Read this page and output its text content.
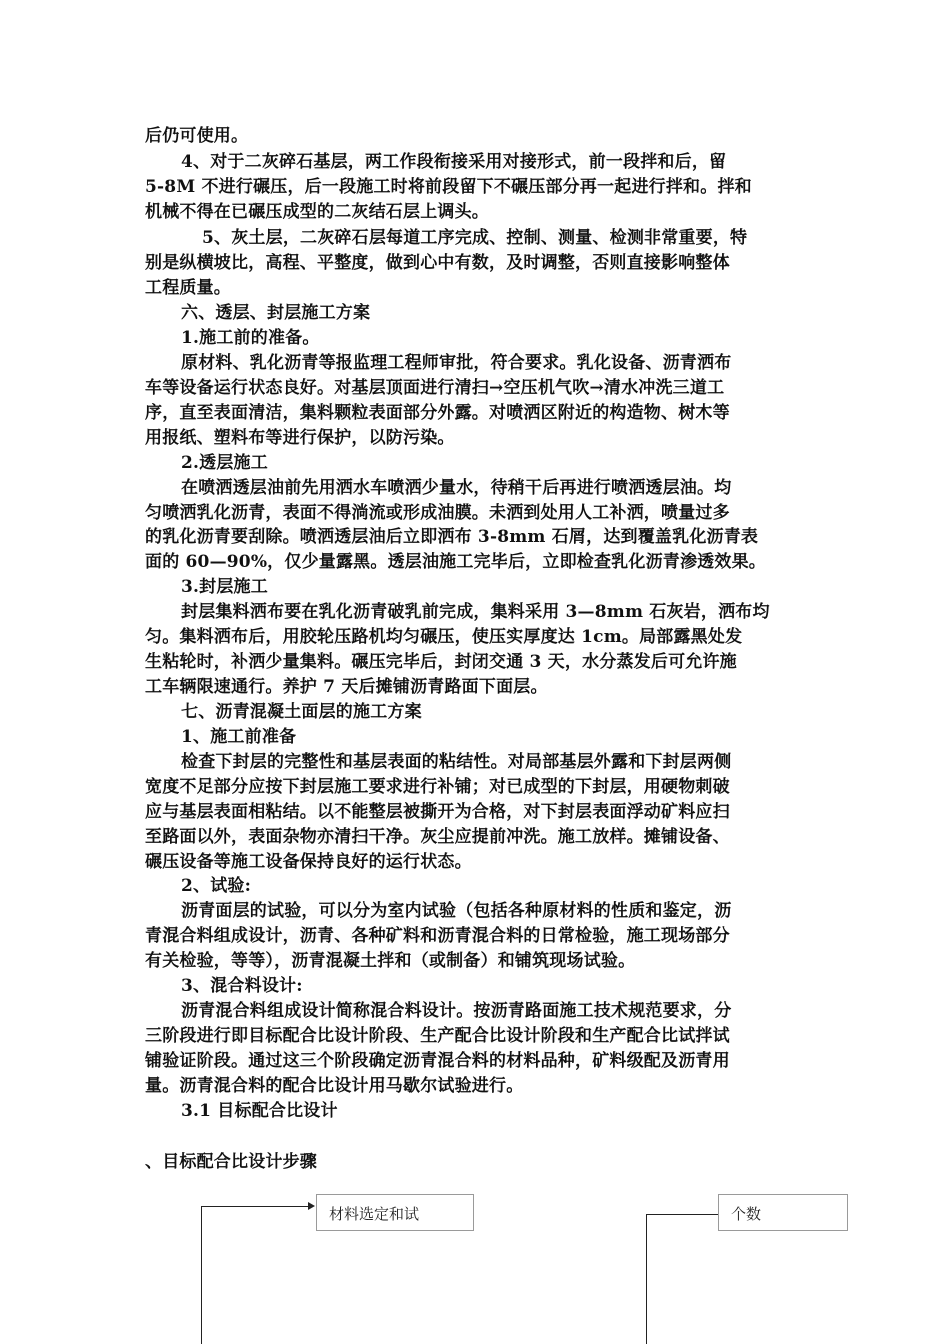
后仍可使用。
4、对于二灰碎石基层，两工作段衔接采用对接形式，前一段拌和后，留
5-8M 不进行碾压，后一段施工时将前段留下不碾压部分再一起进行拌和。拌和
机械不得在已碾压成型的二灰结石层上调头。
5、灰土层，二灰碎石层每道工序完成、控制、测量、检测非常重要，特
别是纵横坡比，高程、平整度，做到心中有数，及时调整，否则直接影响整体
工程质量。
六、透层、封层施工方案
1.施工前的准备。
原材料、乳化沥青等报监理工程师审批，符合要求。乳化设备、沥青洒布
车等设备运行状态良好。对基层顶面进行清扫→空压机气吹→清水冲洗三道工
序，直至表面清洁，集料颗粒表面部分外露。对喷洒区附近的构造物、树木等
用报纸、塑料布等进行保护，以防污染。
2.透层施工
在喷洒透层油前先用洒水车喷洒少量水，待稍干后再进行喷洒透层油。均
匀喷洒乳化沥青，表面不得淌流或形成油膜。未洒到处用人工补洒，喷量过多
的乳化沥青要刮除。喷洒透层油后立即洒布 3-8mm 石屑，达到覆盖乳化沥青表
面的 60—90%，仅少量露黑。透层油施工完毕后，立即检查乳化沥青渗透效果。
3.封层施工
封层集料洒布要在乳化沥青破乳前完成，集料采用 3—8mm 石灰岩，洒布均
匀。集料洒布后，用胶轮压路机均匀碾压，使压实厚度达 1cm。局部露黑处发
生粘轮时，补洒少量集料。碾压完毕后，封闭交通 3 天，水分蒸发后可允许施
工车辆限速通行。养护 7 天后摊铺沥青路面下面层。
七、沥青混凝土面层的施工方案
1、施工前准备
检查下封层的完整性和基层表面的粘结性。对局部基层外露和下封层两侧
宽度不足部分应按下封层施工要求进行补铺；对已成型的下封层，用硬物刺破
应与基层表面相粘结。以不能整层被撕开为合格，对下封层表面浮动矿料应扫
至路面以外，表面杂物亦清扫干净。灰尘应提前冲洗。施工放样。摊铺设备、
碾压设备等施工设备保持良好的运行状态。
2、试验:
沥青面层的试验，可以分为室内试验（包括各种原材料的性质和鉴定，沥
青混合料组成设计，沥青、各种矿料和沥青混合料的日常检验，施工现场部分
有关检验，等等），沥青混凝土拌和（或制备）和铺筑现场试验。
3、混合料设计:
沥青混合料组成设计简称混合料设计。按沥青路面施工技术规范要求，分
三阶段进行即目标配合比设计阶段、生产配合比设计阶段和生产配合比试拌试
铺验证阶段。通过这三个阶段确定沥青混合料的材料品种，矿料级配及沥青用
量。沥青混合料的配合比设计用马歇尔试验进行。
3.1 目标配合比设计
、目标配合比设计步骤
材料选定和试	个数
